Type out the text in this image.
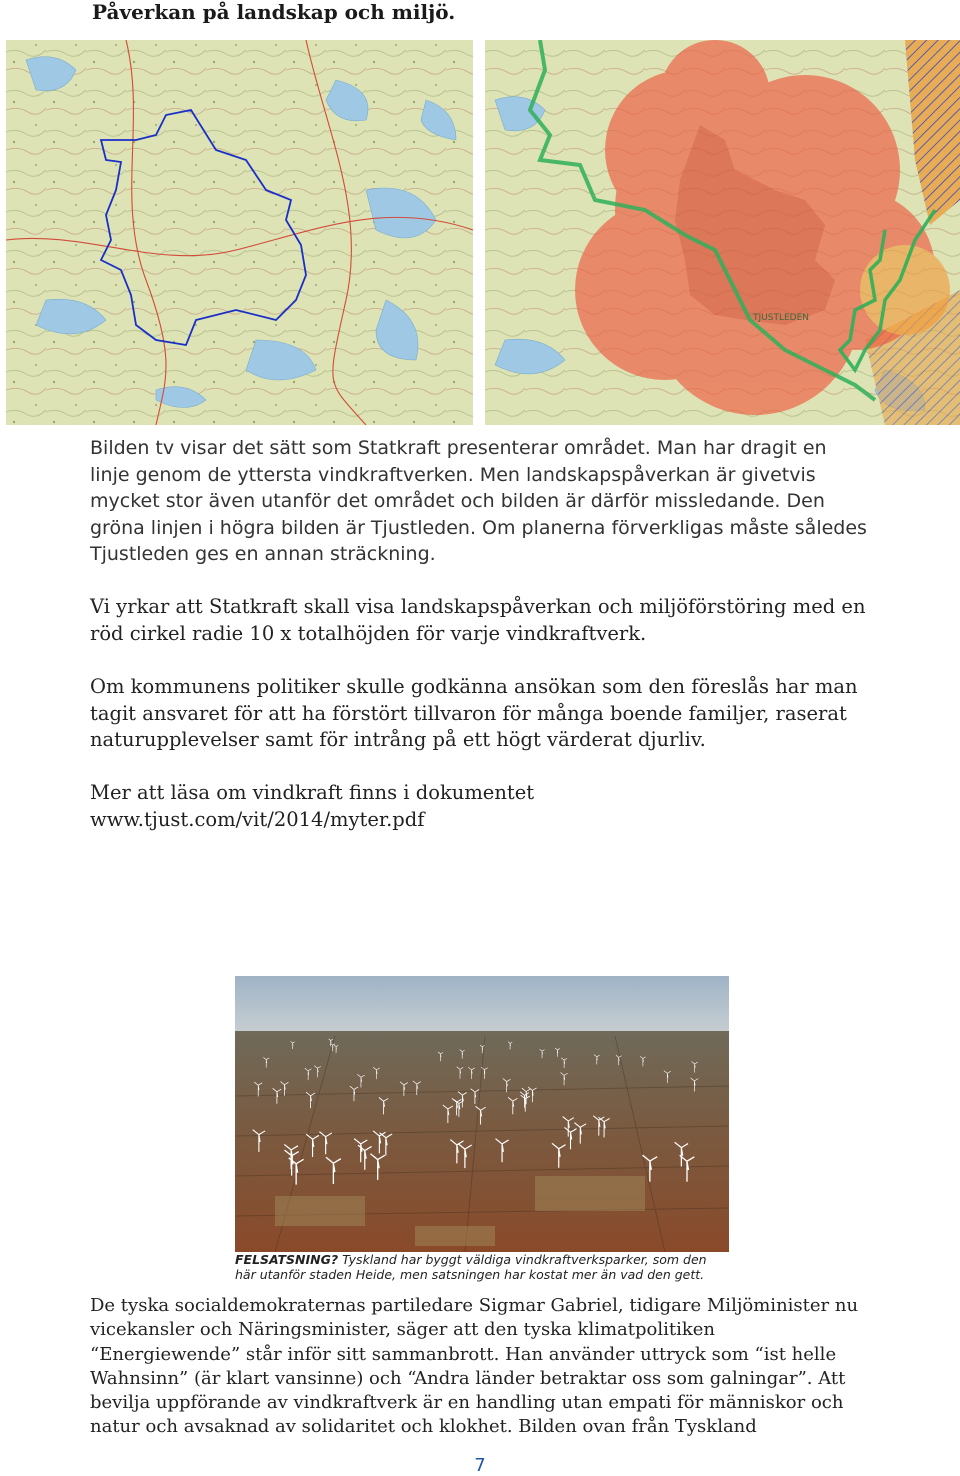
Påverkan på landskap och miljö.
TJUSTLEDEN

Bilden tv visar det sätt som Statkraft presenterar området. Man har dragit en linje genom de yttersta vindkraftverken. Men landskapspåverkan är givetvis mycket stor även utanför det området och bilden är därför missledande. Den gröna linjen i högra bilden är Tjustleden. Om planerna förverkligas måste således Tjustleden ges en annan sträckning.

Vi yrkar att Statkraft skall visa landskapspåverkan och miljöförstöring med en röd cirkel radie 10 x totalhöjden för varje vindkraftverk.

Om kommunens politiker skulle godkänna ansökan som den föreslås har man tagit ansvaret för att ha förstört tillvaron för många boende familjer, raserat naturupplevelser samt för intrång på ett högt värderat djurliv.

Mer att läsa om vindkraft finns i dokumentet
www.tjust.com/vit/2014/myter.pdf

FELSATSNING? Tyskland har byggt väldiga vindkraftverksparker, som den här utanför staden Heide, men satsningen har kostat mer än vad den gett.

De tyska socialdemokraternas partiledare Sigmar Gabriel, tidigare Miljöminister nu vicekansler och Näringsminister, säger att den tyska klimatpolitiken “Energiewende” står inför sitt sammanbrott. Han använder uttryck som “ist helle Wahnsinn” (är klart vansinne) och “Andra länder betraktar oss som galningar”. Att bevilja uppförande av vindkraftverk är en handling utan empati för människor och natur och avsaknad av solidaritet och klokhet. Bilden ovan från Tyskland

7
